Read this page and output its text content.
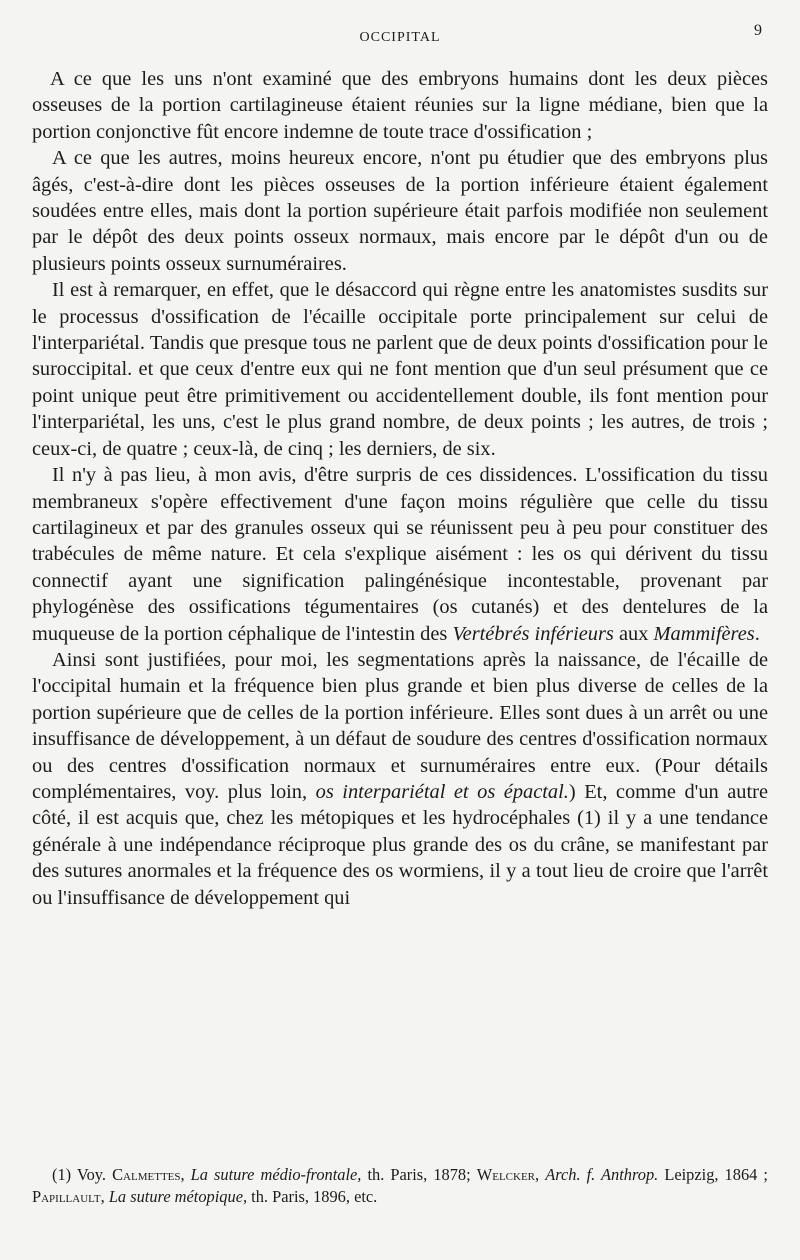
OCCIPITAL	9

A ce que les uns n'ont examiné que des embryons humains dont les deux pièces osseuses de la portion cartilagineuse étaient réunies sur la ligne médiane, bien que la portion conjonctive fût encore indemne de toute trace d'ossification ;

A ce que les autres, moins heureux encore, n'ont pu étudier que des embryons plus âgés, c'est-à-dire dont les pièces osseuses de la portion inférieure étaient également soudées entre elles, mais dont la portion supérieure était parfois modifiée non seulement par le dépôt des deux points osseux normaux, mais encore par le dépôt d'un ou de plusieurs points osseux surnuméraires.

Il est à remarquer, en effet, que le désaccord qui règne entre les anatomistes susdits sur le processus d'ossification de l'écaille occipitale porte principalement sur celui de l'interpariétal. Tandis que presque tous ne parlent que de deux points d'ossification pour le suroccipital. et que ceux d'entre eux qui ne font mention que d'un seul présument que ce point unique peut être primitivement ou accidentellement double, ils font mention pour l'interpariétal, les uns, c'est le plus grand nombre, de deux points ; les autres, de trois ; ceux-ci, de quatre ; ceux-là, de cinq ; les derniers, de six.

Il n'y à pas lieu, à mon avis, d'être surpris de ces dissidences. L'ossification du tissu membraneux s'opère effectivement d'une façon moins régulière que celle du tissu cartilagineux et par des granules osseux qui se réunissent peu à peu pour constituer des trabécules de même nature. Et cela s'explique aisément : les os qui dérivent du tissu connectif ayant une signification palingénésique incontestable, provenant par phylogénèse des ossifications tégumentaires (os cutanés) et des dentelures de la muqueuse de la portion céphalique de l'intestin des Vertébrés inférieurs aux Mammifères.

Ainsi sont justifiées, pour moi, les segmentations après la naissance, de l'écaille de l'occipital humain et la fréquence bien plus grande et bien plus diverse de celles de la portion supérieure que de celles de la portion inférieure. Elles sont dues à un arrêt ou une insuffisance de développement, à un défaut de soudure des centres d'ossification normaux ou des centres d'ossification normaux et surnuméraires entre eux. (Pour détails complémentaires, voy. plus loin, os interpariétal et os épactal.) Et, comme d'un autre côté, il est acquis que, chez les métopiques et les hydrocéphales (1) il y a une tendance générale à une indépendance réciproque plus grande des os du crâne, se manifestant par des sutures anormales et la fréquence des os wormiens, il y a tout lieu de croire que l'arrêt ou l'insuffisance de développement qui

(1) Voy. Calmettes, La suture médio-frontale, th. Paris, 1878; Welcker, Arch. f. Anthrop. Leipzig, 1864 ; Papillault, La suture métopique, th. Paris, 1896, etc.
